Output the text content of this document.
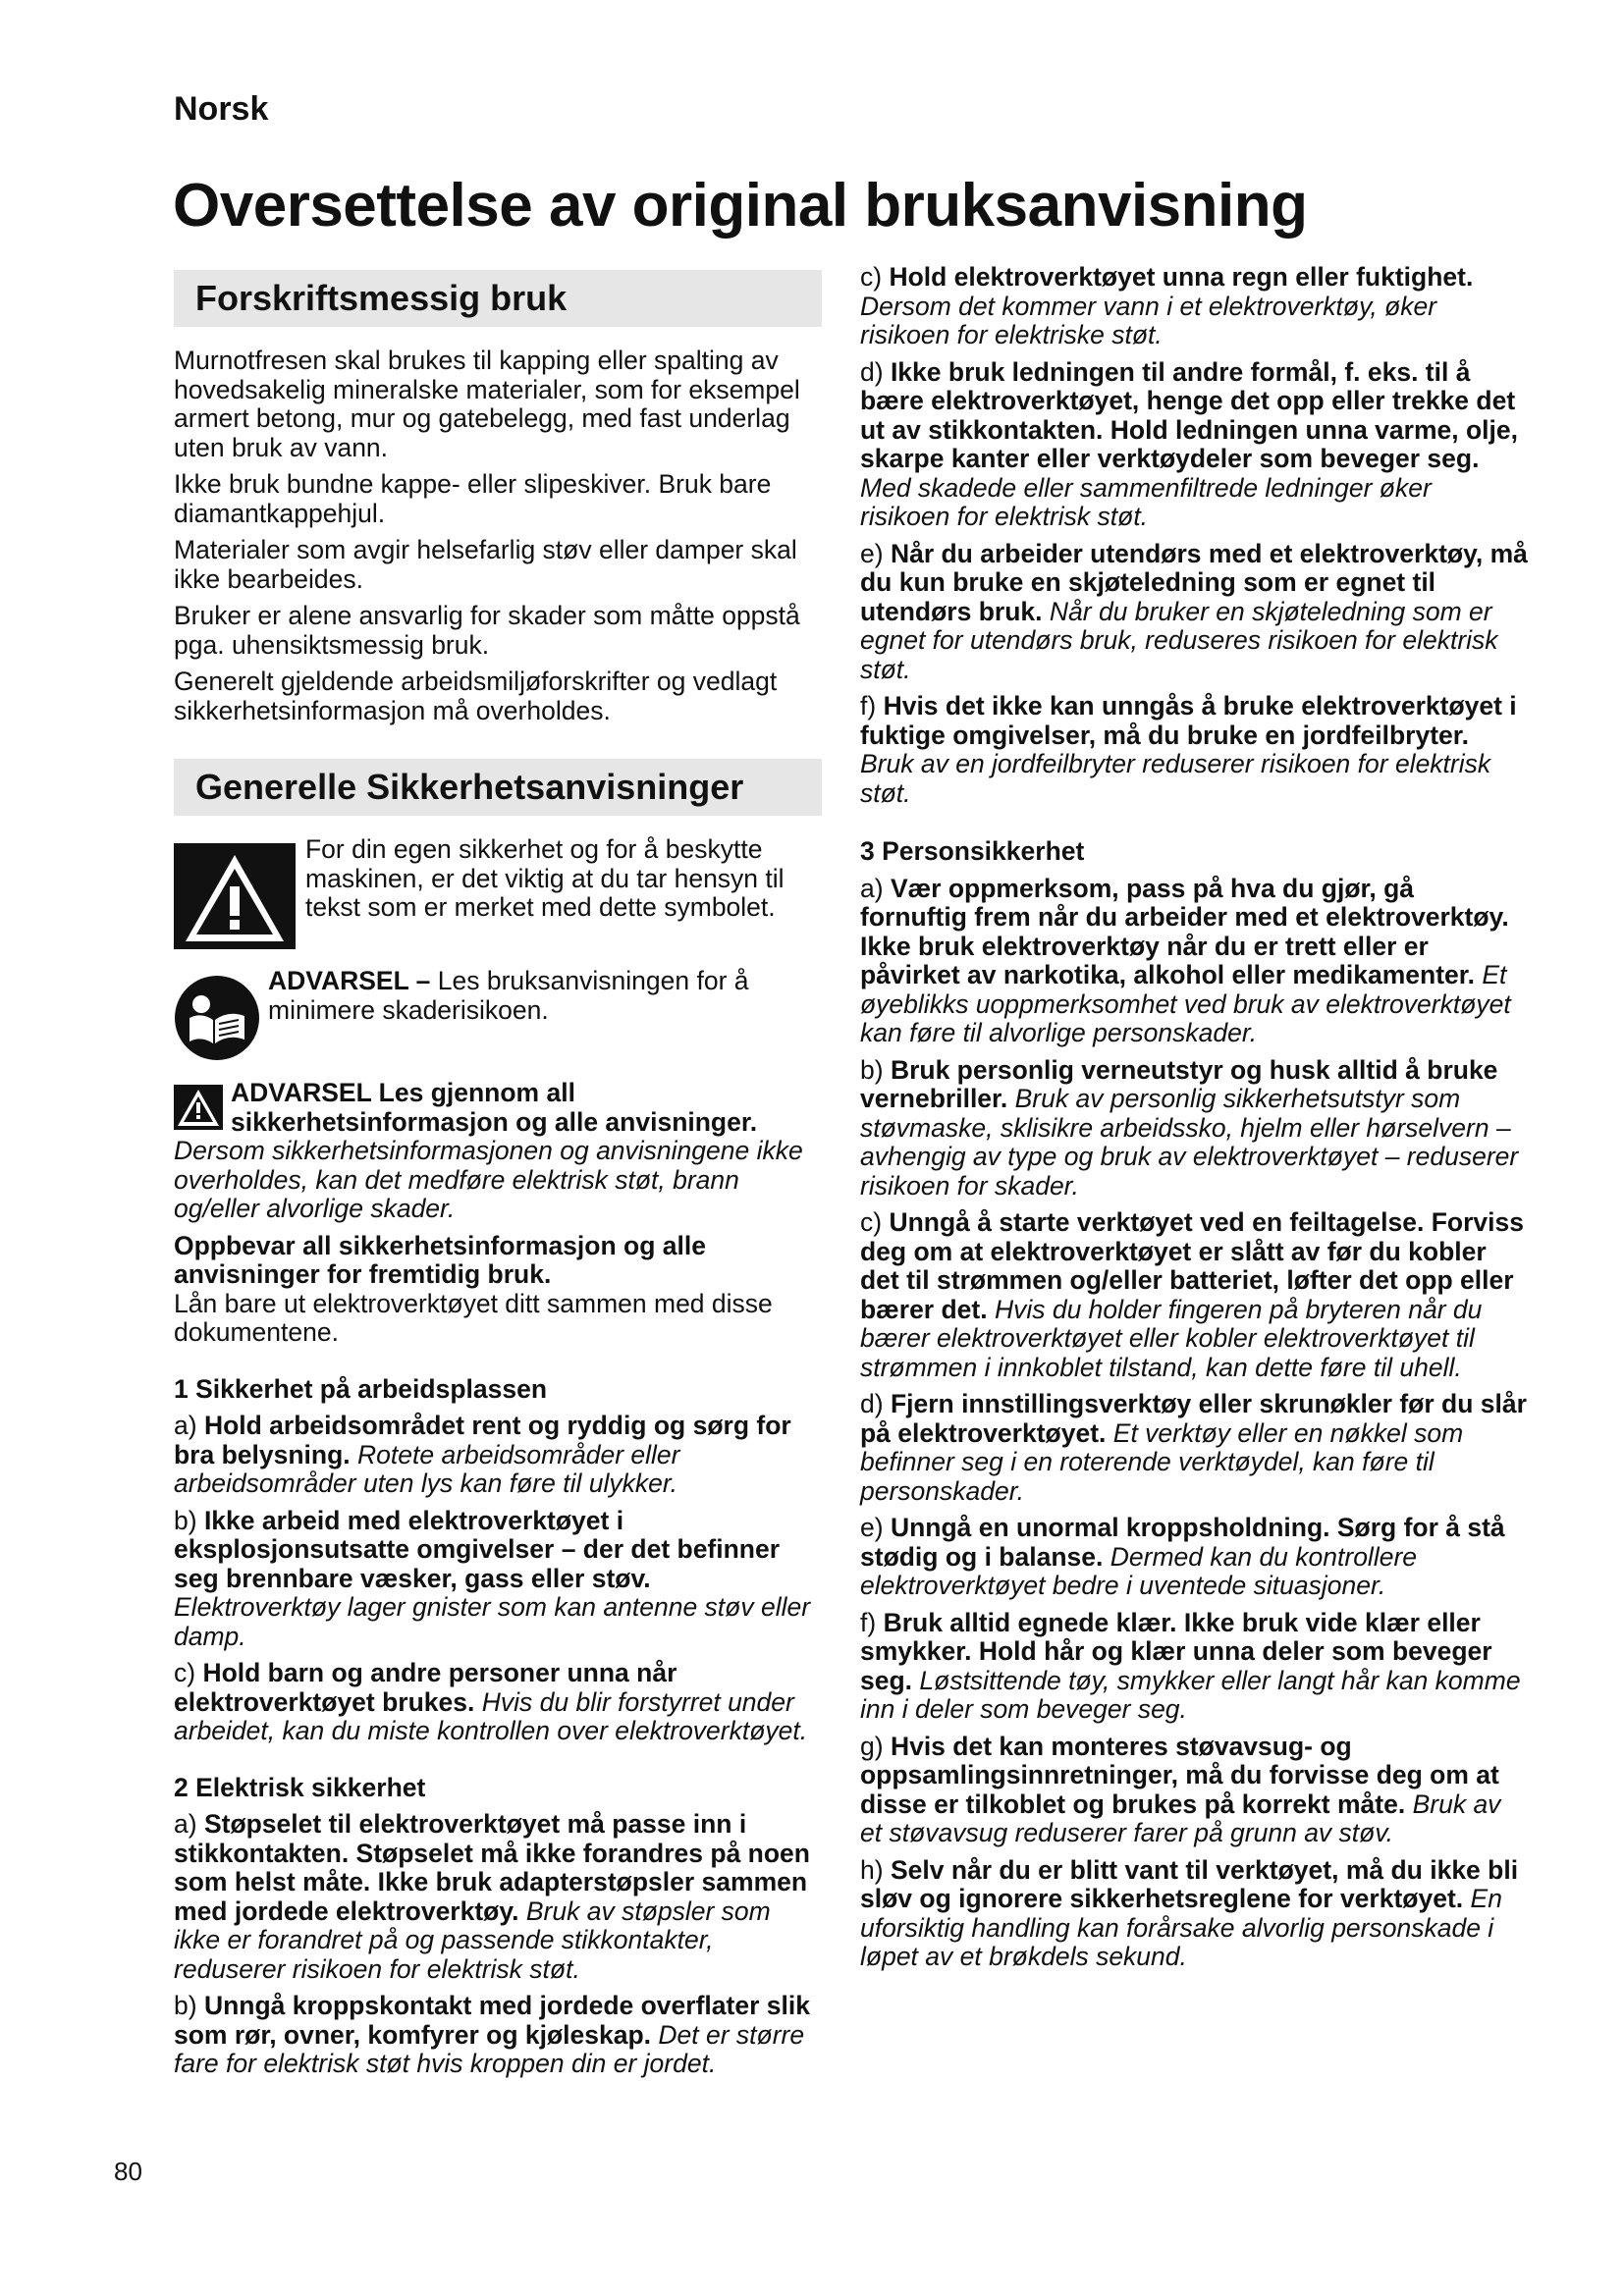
Norsk
Oversettelse av original bruksanvisning
Forskriftsmessig bruk

Murnotfresen skal brukes til kapping eller spalting av hovedsakelig mineralske materialer, som for eksempel armert betong, mur og gatebelegg, med fast underlag uten bruk av vann.

Ikke bruk bundne kappe- eller slipeskiver. Bruk bare diamantkappehjul.

Materialer som avgir helsefarlig støv eller damper skal ikke bearbeides.

Bruker er alene ansvarlig for skader som måtte oppstå pga. uhensiktsmessig bruk.

Generelt gjeldende arbeidsmiljøforskrifter og vedlagt sikkerhetsinformasjon må overholdes.

Generelle Sikkerhetsanvisninger
For din egen sikkerhet og for å beskytte maskinen, er det viktig at du tar hensyn til tekst som er merket med dette symbolet.
ADVARSEL – Les bruksanvisningen for å minimere skaderisikoen.

ADVARSEL Les gjennom all sikkerhetsinformasjon og alle anvisninger. Dersom sikkerhetsinformasjonen og anvisningene ikke overholdes, kan det medføre elektrisk støt, brann og/eller alvorlige skader.

Oppbevar all sikkerhetsinformasjon og alle anvisninger for fremtidig bruk.
Lån bare ut elektroverktøyet ditt sammen med disse dokumentene.

1 Sikkerhet på arbeidsplassen

a) Hold arbeidsområdet rent og ryddig og sørg for bra belysning. Rotete arbeidsområder eller arbeidsområder uten lys kan føre til ulykker.

b) Ikke arbeid med elektroverktøyet i eksplosjonsutsatte omgivelser – der det befinner seg brennbare væsker, gass eller støv. Elektroverktøy lager gnister som kan antenne støv eller damp.

c) Hold barn og andre personer unna når elektroverktøyet brukes. Hvis du blir forstyrret under arbeidet, kan du miste kontrollen over elektroverktøyet.

2 Elektrisk sikkerhet

a) Støpselet til elektroverktøyet må passe inn i stikkontakten. Støpselet må ikke forandres på noen som helst måte. Ikke bruk adapterstøpsler sammen med jordede elektroverktøy. Bruk av støpsler som ikke er forandret på og passende stikkontakter, reduserer risikoen for elektrisk støt.

b) Unngå kroppskontakt med jordede overflater slik som rør, ovner, komfyrer og kjøleskap. Det er større fare for elektrisk støt hvis kroppen din er jordet.

c) Hold elektroverktøyet unna regn eller fuktighet. Dersom det kommer vann i et elektroverktøy, øker risikoen for elektriske støt.

d) Ikke bruk ledningen til andre formål, f. eks. til å bære elektroverktøyet, henge det opp eller trekke det ut av stikkontakten. Hold ledningen unna varme, olje, skarpe kanter eller verktøydeler som beveger seg. Med skadede eller sammenfiltrede ledninger øker risikoen for elektrisk støt.

e) Når du arbeider utendørs med et elektroverktøy, må du kun bruke en skjøteledning som er egnet til utendørs bruk. Når du bruker en skjøteledning som er egnet for utendørs bruk, reduseres risikoen for elektrisk støt.

f) Hvis det ikke kan unngås å bruke elektroverktøyet i fuktige omgivelser, må du bruke en jordfeilbryter. Bruk av en jordfeilbryter reduserer risikoen for elektrisk støt.

3 Personsikkerhet

a) Vær oppmerksom, pass på hva du gjør, gå fornuftig frem når du arbeider med et elektroverktøy. Ikke bruk elektroverktøy når du er trett eller er påvirket av narkotika, alkohol eller medikamenter. Et øyeblikks uoppmerksomhet ved bruk av elektroverktøyet kan føre til alvorlige personskader.

b) Bruk personlig verneutstyr og husk alltid å bruke vernebriller. Bruk av personlig sikkerhetsutstyr som støvmaske, sklisikre arbeidssko, hjelm eller hørselvern – avhengig av type og bruk av elektroverktøyet – reduserer risikoen for skader.

c) Unngå å starte verktøyet ved en feiltagelse. Forviss deg om at elektroverktøyet er slått av før du kobler det til strømmen og/eller batteriet, løfter det opp eller bærer det. Hvis du holder fingeren på bryteren når du bærer elektroverktøyet eller kobler elektroverktøyet til strømmen i innkoblet tilstand, kan dette føre til uhell.

d) Fjern innstillingsverktøy eller skrunøkler før du slår på elektroverktøyet. Et verktøy eller en nøkkel som befinner seg i en roterende verktøydel, kan føre til personskader.

e) Unngå en unormal kroppsholdning. Sørg for å stå stødig og i balanse. Dermed kan du kontrollere elektroverktøyet bedre i uventede situasjoner.

f) Bruk alltid egnede klær. Ikke bruk vide klær eller smykker. Hold hår og klær unna deler som beveger seg. Løstsittende tøy, smykker eller langt hår kan komme inn i deler som beveger seg.

g) Hvis det kan monteres støvavsug- og oppsamlingsinnretninger, må du forvisse deg om at disse er tilkoblet og brukes på korrekt måte. Bruk av et støvavsug reduserer farer på grunn av støv.

h) Selv når du er blitt vant til verktøyet, må du ikke bli sløv og ignorere sikkerhetsreglene for verktøyet. En uforsiktig handling kan forårsake alvorlig personskade i løpet av et brøkdels sekund.

80
